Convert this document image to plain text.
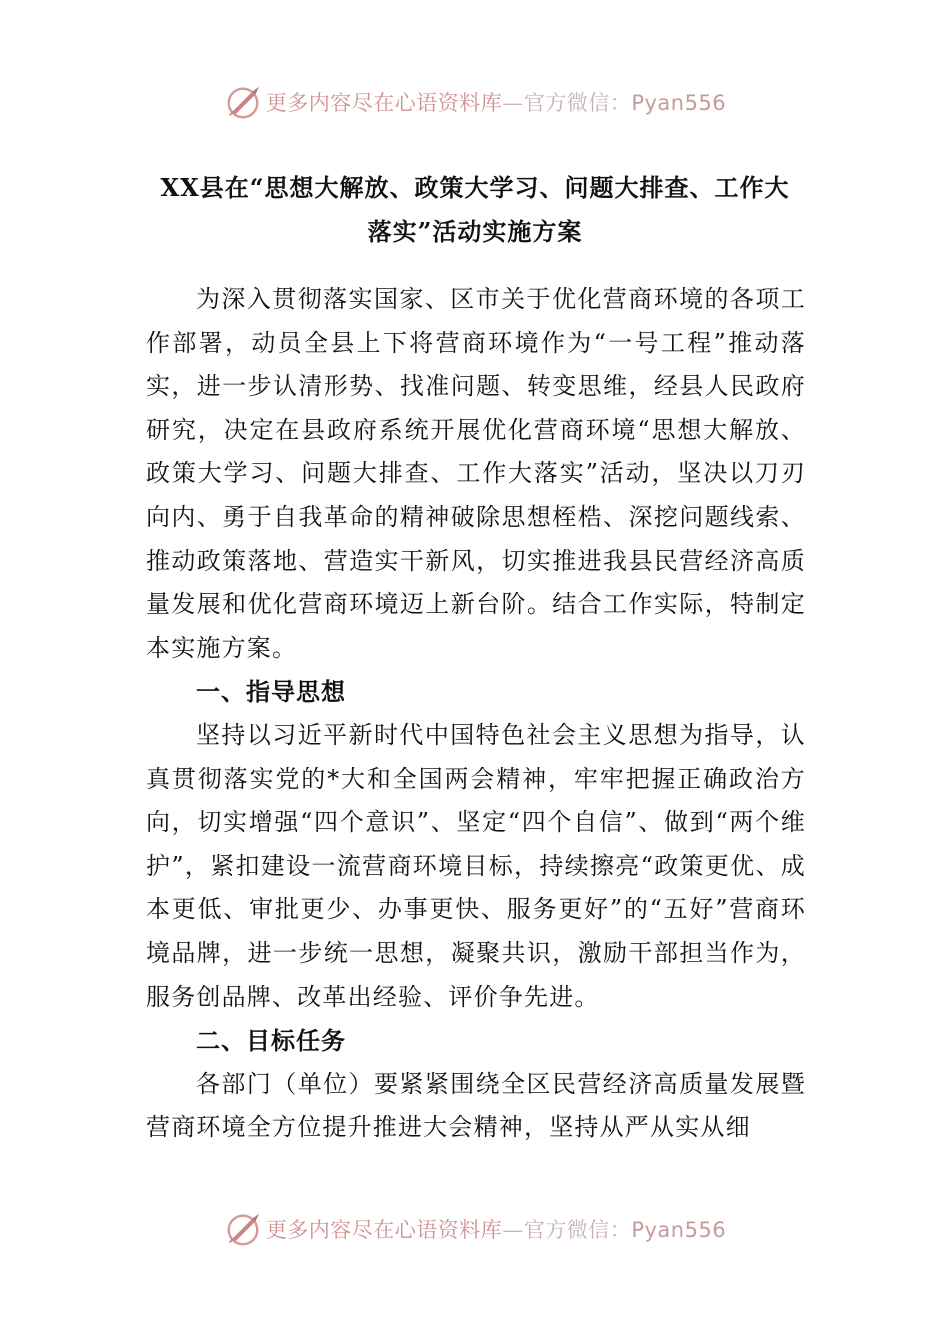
更多内容尽在心语资料库—官方微信：Pyan556
XX县在“思想大解放、政策大学习、问题大排查、工作大
落实”活动实施方案

为深入贯彻落实国家、区市关于优化营商环境的各项工作部署，动员全县上下将营商环境作为“一号工程”推动落实，进一步认清形势、找准问题、转变思维，经县人民政府研究，决定在县政府系统开展优化营商环境“思想大解放、政策大学习、问题大排查、工作大落实”活动，坚决以刀刃向内、勇于自我革命的精神破除思想桎梏、深挖问题线索、推动政策落地、营造实干新风，切实推进我县民营经济高质量发展和优化营商环境迈上新台阶。结合工作实际，特制定本实施方案。

一、指导思想

坚持以习近平新时代中国特色社会主义思想为指导，认真贯彻落实党的*大和全国两会精神，牢牢把握正确政治方向，切实增强“四个意识”、坚定“四个自信”、做到“两个维护”，紧扣建设一流营商环境目标，持续擦亮“政策更优、成本更低、审批更少、办事更快、服务更好”的“五好”营商环境品牌，进一步统一思想，凝聚共识，激励干部担当作为，服务创品牌、改革出经验、评价争先进。

二、目标任务

各部门（单位）要紧紧围绕全区民营经济高质量发展暨营商环境全方位提升推进大会精神，坚持从严从实从细

更多内容尽在心语资料库—官方微信：Pyan556
